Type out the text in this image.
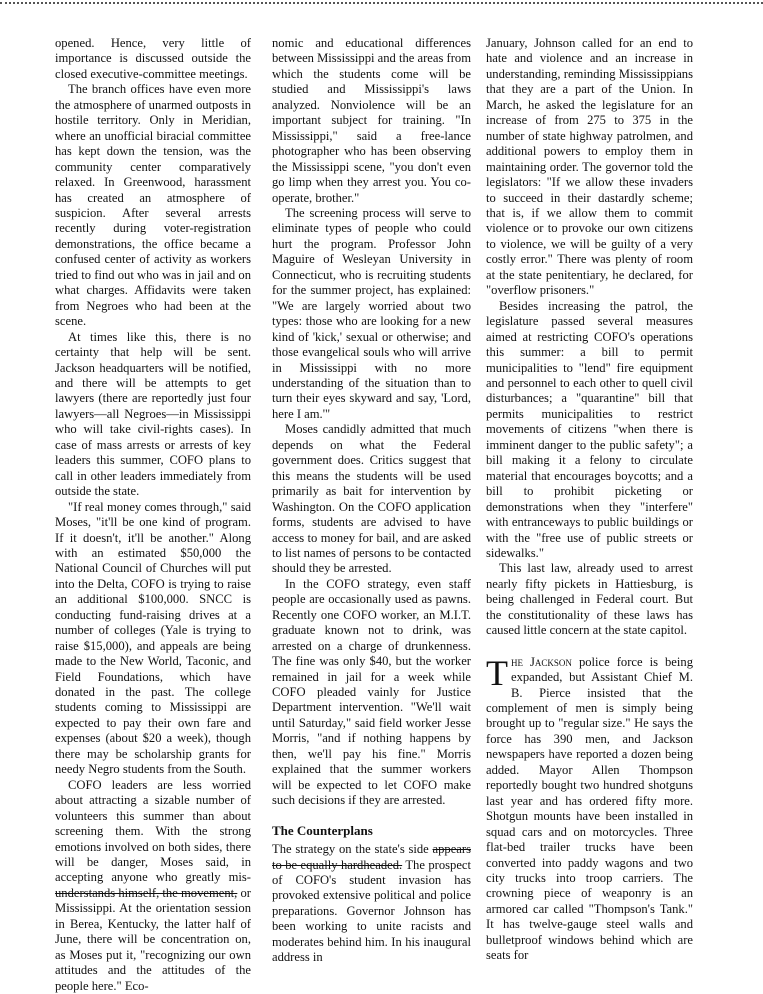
opened. Hence, very little of importance is discussed outside the closed executive-committee meetings.

The branch offices have even more the atmosphere of unarmed outposts in hostile territory. Only in Meridian, where an unofficial biracial committee has kept down the tension, was the community center comparatively relaxed. In Greenwood, harassment has created an atmosphere of suspicion. After several arrests recently during voter-registration demonstrations, the office became a confused center of activity as workers tried to find out who was in jail and on what charges. Affidavits were taken from Negroes who had been at the scene.

At times like this, there is no certainty that help will be sent. Jackson headquarters will be notified, and there will be attempts to get lawyers (there are reportedly just four lawyers—all Negroes—in Mississippi who will take civil-rights cases). In case of mass arrests or arrests of key leaders this summer, COFO plans to call in other leaders immediately from outside the state.

"If real money comes through," said Moses, "it'll be one kind of program. If it doesn't, it'll be another." Along with an estimated $50,000 the National Council of Churches will put into the Delta, COFO is trying to raise an additional $100,000. SNCC is conducting fund-raising drives at a number of colleges (Yale is trying to raise $15,000), and appeals are being made to the New World, Taconic, and Field Foundations, which have donated in the past. The college students coming to Mississippi are expected to pay their own fare and expenses (about $20 a week), though there may be scholarship grants for needy Negro students from the South.

COFO leaders are less worried about attracting a sizable number of volunteers this summer than about screening them. With the strong emotions involved on both sides, there will be danger, Moses said, in accepting anyone who greatly mis- understands himself, the movement, or Mississippi. At the orientation session in Berea, Kentucky, the latter half of June, there will be concentration on, as Moses put it, "recognizing our own attitudes and the attitudes of the people here." Eco-

nomic and educational differences between Mississippi and the areas from which the students come will be studied and Mississippi's laws analyzed. Nonviolence will be an important subject for training. "In Mississippi," said a free-lance photographer who has been observing the Mississippi scene, "you don't even go limp when they arrest you. You co-operate, brother."

The screening process will serve to eliminate types of people who could hurt the program. Professor John Maguire of Wesleyan University in Connecticut, who is recruiting students for the summer project, has explained: "We are largely worried about two types: those who are looking for a new kind of 'kick,' sexual or otherwise; and those evangelical souls who will arrive in Mississippi with no more understanding of the situation than to turn their eyes skyward and say, 'Lord, here I am.'"

Moses candidly admitted that much depends on what the Federal government does. Critics suggest that this means the students will be used primarily as bait for intervention by Washington. On the COFO application forms, students are advised to have access to money for bail, and are asked to list names of persons to be contacted should they be arrested.

In the COFO strategy, even staff people are occasionally used as pawns. Recently one COFO worker, an M.I.T. graduate known not to drink, was arrested on a charge of drunkenness. The fine was only $40, but the worker remained in jail for a week while COFO pleaded vainly for Justice Department intervention. "We'll wait until Saturday," said field worker Jesse Morris, "and if nothing happens by then, we'll pay his fine." Morris explained that the summer workers will be expected to let COFO make such decisions if they are arrested.

The Counterplans

The strategy on the state's side appears to be equally hardheaded. The prospect of COFO's student invasion has provoked extensive political and police preparations. Governor Johnson has been working to unite racists and moderates behind him. In his inaugural address in

January, Johnson called for an end to hate and violence and an increase in understanding, reminding Mississippians that they are a part of the Union. In March, he asked the legislature for an increase of from 275 to 375 in the number of state highway patrolmen, and additional powers to employ them in maintaining order. The governor told the legislators: "If we allow these invaders to succeed in their dastardly scheme; that is, if we allow them to commit violence or to provoke our own citizens to violence, we will be guilty of a very costly error." There was plenty of room at the state penitentiary, he declared, for "overflow prisoners."

Besides increasing the patrol, the legislature passed several measures aimed at restricting COFO's operations this summer: a bill to permit municipalities to "lend" fire equipment and personnel to each other to quell civil disturbances; a "quarantine" bill that permits municipalities to restrict movements of citizens "when there is imminent danger to the public safety"; a bill making it a felony to circulate material that encourages boycotts; and a bill to prohibit picketing or demonstrations when they "interfere" with entranceways to public buildings or with the "free use of public streets or sidewalks."

This last law, already used to arrest nearly fifty pickets in Hattiesburg, is being challenged in Federal court. But the constitutionality of these laws has caused little concern at the state capitol.

The Jackson police force is being expanded, but Assistant Chief M. B. Pierce insisted that the complement of men is simply being brought up to "regular size." He says the force has 390 men, and Jackson newspapers have reported a dozen being added. Mayor Allen Thompson reportedly bought two hundred shotguns last year and has ordered fifty more. Shotgun mounts have been installed in squad cars and on motorcycles. Three flat-bed trailer trucks have been converted into paddy wagons and two city trucks into troop carriers. The crowning piece of weaponry is an armored car called "Thompson's Tank." It has twelve-gauge steel walls and bulletproof windows behind which are seats for
